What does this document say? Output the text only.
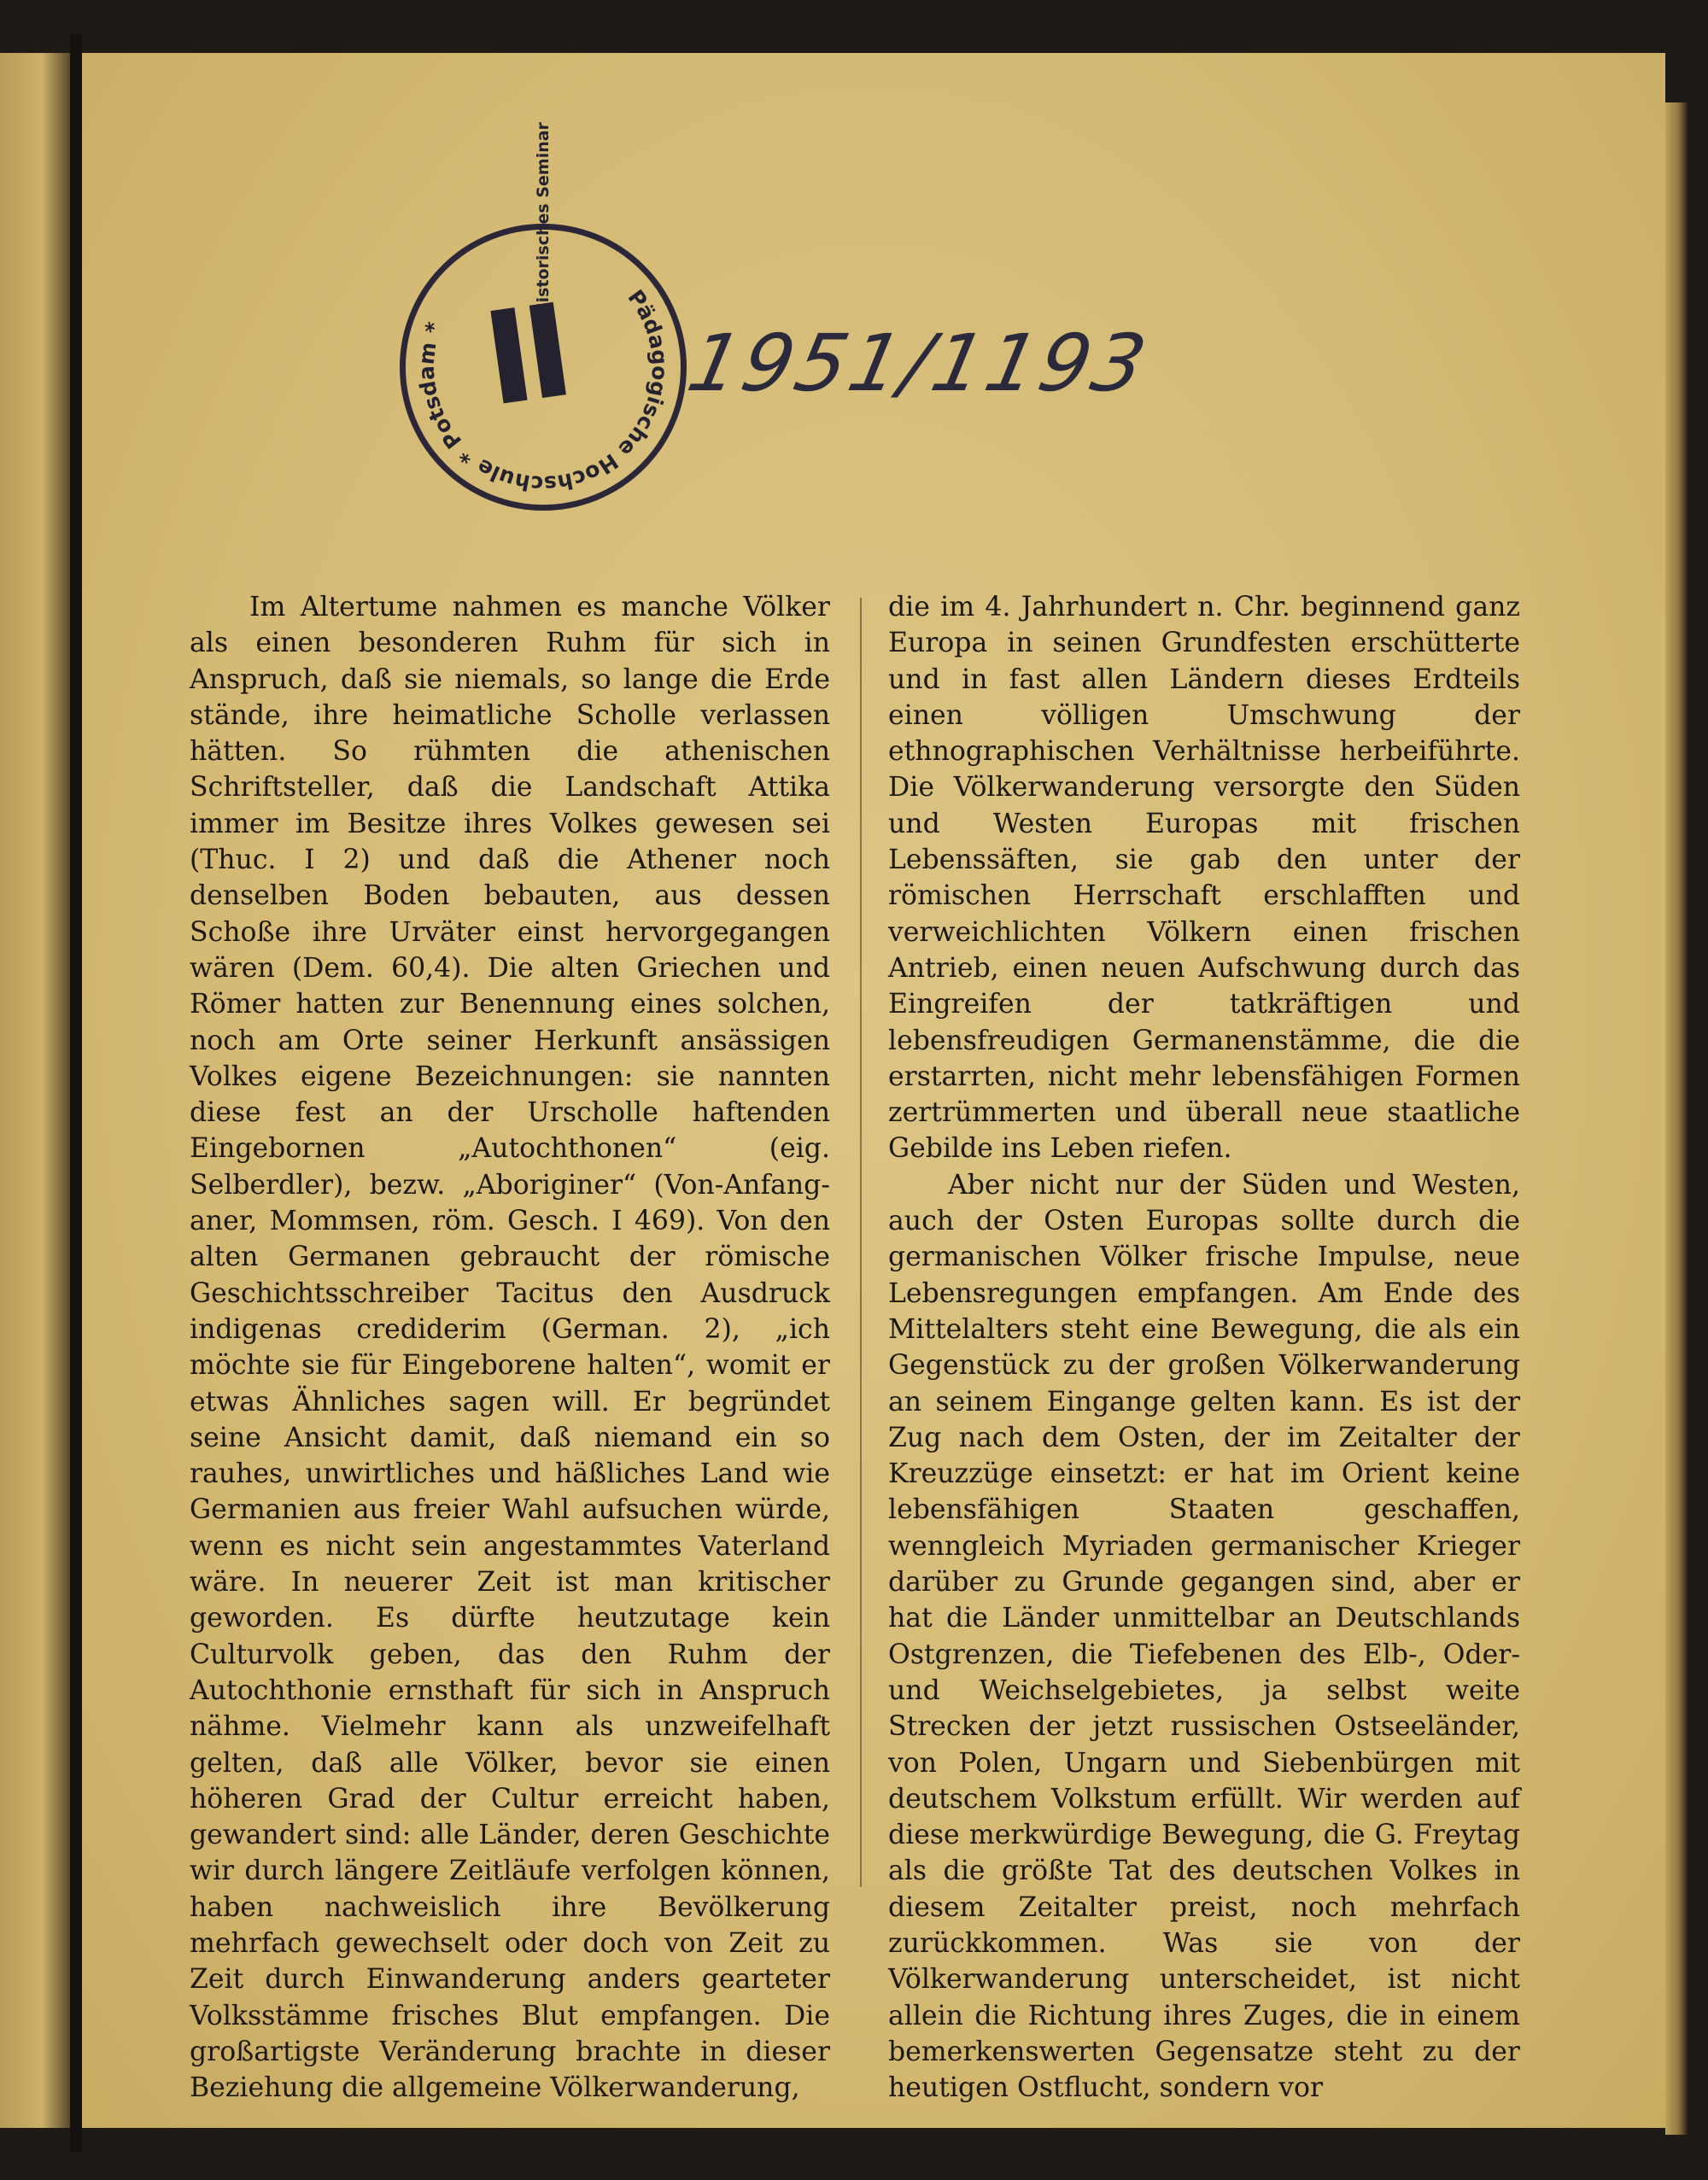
Pädagogische Hochschule * Potsdam * II
Historisches Seminar
1951/1193

Im Altertume nahmen es manche Völker als einen besonderen Ruhm für sich in Anspruch, daß sie niemals, so lange die Erde stände, ihre heimatliche Scholle verlassen hätten. So rühmten die athenischen Schriftsteller, daß die Landschaft Attika immer im Besitze ihres Volkes gewesen sei (Thuc. I 2) und daß die Athener noch denselben Boden bebauten, aus dessen Schoße ihre Urväter einst hervorgegangen wären (Dem. 60,4). Die alten Griechen und Römer hatten zur Benennung eines solchen, noch am Orte seiner Herkunft ansässigen Volkes eigene Bezeichnungen: sie nannten diese fest an der Urscholle haftenden Eingebornen „Autochthonen“ (eig. Selberdler), bezw. „Aboriginer“ (Von-Anfang-aner, Mommsen, röm. Gesch. I 469). Von den alten Germanen gebraucht der römische Geschichtsschreiber Tacitus den Ausdruck indigenas crediderim (German. 2), „ich möchte sie für Eingeborene halten“, womit er etwas Ähnliches sagen will. Er begründet seine Ansicht damit, daß niemand ein so rauhes, unwirtliches und häßliches Land wie Germanien aus freier Wahl aufsuchen würde, wenn es nicht sein angestammtes Vaterland wäre. In neuerer Zeit ist man kritischer geworden. Es dürfte heutzutage kein Culturvolk geben, das den Ruhm der Autochthonie ernsthaft für sich in Anspruch nähme. Vielmehr kann als unzweifelhaft gelten, daß alle Völker, bevor sie einen höheren Grad der Cultur erreicht haben, gewandert sind: alle Länder, deren Geschichte wir durch längere Zeitläufe verfolgen können, haben nachweislich ihre Bevölkerung mehrfach gewechselt oder doch von Zeit zu Zeit durch Einwanderung anders gearteter Volksstämme frisches Blut empfangen. Die großartigste Veränderung brachte in dieser Beziehung die allgemeine Völkerwanderung,

die im 4. Jahrhundert n. Chr. beginnend ganz Europa in seinen Grundfesten erschütterte und in fast allen Ländern dieses Erdteils einen völligen Umschwung der ethnographischen Verhältnisse herbeiführte. Die Völkerwanderung versorgte den Süden und Westen Europas mit frischen Lebenssäften, sie gab den unter der römischen Herrschaft erschlafften und verweichlichten Völkern einen frischen Antrieb, einen neuen Aufschwung durch das Eingreifen der tatkräftigen und lebensfreudigen Germanenstämme, die die erstarrten, nicht mehr lebensfähigen Formen zertrümmerten und überall neue staatliche Gebilde ins Leben riefen.

Aber nicht nur der Süden und Westen, auch der Osten Europas sollte durch die germanischen Völker frische Impulse, neue Lebensregungen empfangen. Am Ende des Mittelalters steht eine Bewegung, die als ein Gegenstück zu der großen Völkerwanderung an seinem Eingange gelten kann. Es ist der Zug nach dem Osten, der im Zeitalter der Kreuzzüge einsetzt: er hat im Orient keine lebensfähigen Staaten geschaffen, wenngleich Myriaden germanischer Krieger darüber zu Grunde gegangen sind, aber er hat die Länder unmittelbar an Deutschlands Ostgrenzen, die Tiefebenen des Elb-, Oder- und Weichselgebietes, ja selbst weite Strecken der jetzt russischen Ostseeländer, von Polen, Ungarn und Siebenbürgen mit deutschem Volkstum erfüllt. Wir werden auf diese merkwürdige Bewegung, die G. Freytag als die größte Tat des deutschen Volkes in diesem Zeitalter preist, noch mehrfach zurückkommen. Was sie von der Völkerwanderung unterscheidet, ist nicht allein die Richtung ihres Zuges, die in einem bemerkenswerten Gegensatze steht zu der heutigen Ostflucht, sondern vor
